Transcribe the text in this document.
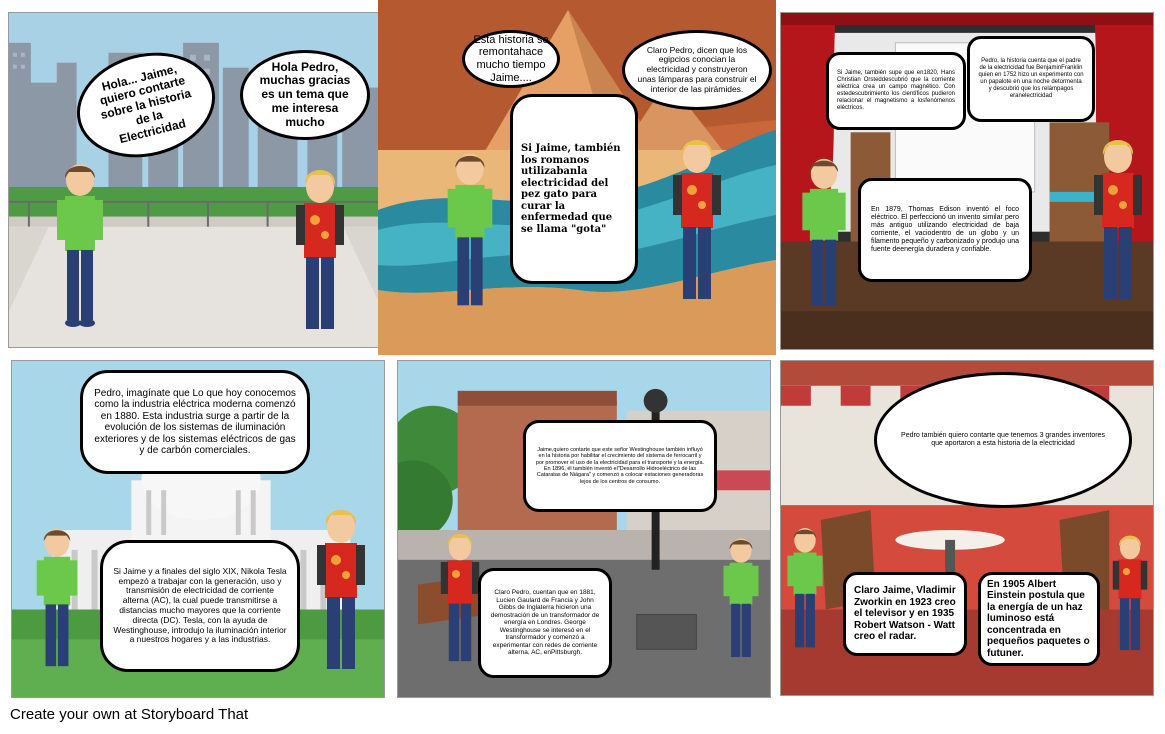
Hola... Jaime, quiero contarte sobre la historia de la Electricidad
Hola Pedro, muchas gracias es un tema que me interesa mucho
Esta historia se remontahace mucho tiempo Jaime....
Claro Pedro, dicen que los egipcios conocian la electricidad y construyeron unas lámparas para construir el interior de las pirámides.
Si Jaime, también los romanos utilizabanla electricidad del pez gato para curar la enfermedad que se llama "gota"
Si Jaime, también supe que en1820, Hans Christian Orsteddescubrió que la corriente eléctrica crea un campo magnético. Con estedescubrimiento los científicos pudieron relacionar el magnetismo a losfenómenos eléctricos.
Pedro, la historia cuenta que el padre de la electricidad fue BenjaminFranklin quien en 1752 hizo un experimento con un papalote en una noche detormenta y descubrió que los relámpagos eranelectricidad
En 1879, Thomas Edison inventó el foco eléctrico. El perfeccionó un invento similar pero más antiguo utilizando electricidad de baja corriente, el vaciodentro de un globo y un filamento pequeño y carbonizado y produjo una fuente deenergía duradera y confiable.
Pedro, imagínate que Lo que hoy conocemos como la industria eléctrica moderna comenzó en 1880. Esta industria surge a partir de la evolución de los sistemas de iluminación exteriores y de los sistemas eléctricos de gas y de carbón comerciales.
Si Jaime y a finales del siglo XIX, Nikola Tesla empezó a trabajar con la generación, uso y transmisión de electricidad de corriente alterna (AC), la cual puede transmitirse a distancias mucho mayores que la corriente directa (DC). Tesla, con la ayuda de Westinghouse, introdujo la iluminación interior a nuestros hogares y a las industrias.
Jaime,quiero contarte que este señor Westinghouse también influyó en la historia por habilitar el crecimiento del sistema de ferrocarril y por promover el uso de la electricidad para el transporte y la energía. En 1896, él también inventó el"Desarrollo Hidroeléctrico de las Cataratas de Niágara" y comenzó a colocar estaciones generadoras lejos de los centros de consumo.
Claro Pedro, cuentan que en 1881, Lucien Gaulard de Francia y John Gibbs de Inglaterra hicieron una demostración de un transformador de energía en Londres. George Westinghouse se interesó en el transformador y comenzó a experimentar con redes de corriente alterna, AC, enPittsburgh.
Pedro también quiero contarte que tenemos 3 grandes inventores que aportaron a esta historia de la electricidad
Claro Jaime, Vladimir Zworkin en 1923 creo el televisor y en 1935 Robert Watson - Watt creo el radar.
En 1905 Albert Einstein postula que la energía de un haz luminoso está concentrada en pequeños paquetes o futuner.
Create your own at Storyboard That
